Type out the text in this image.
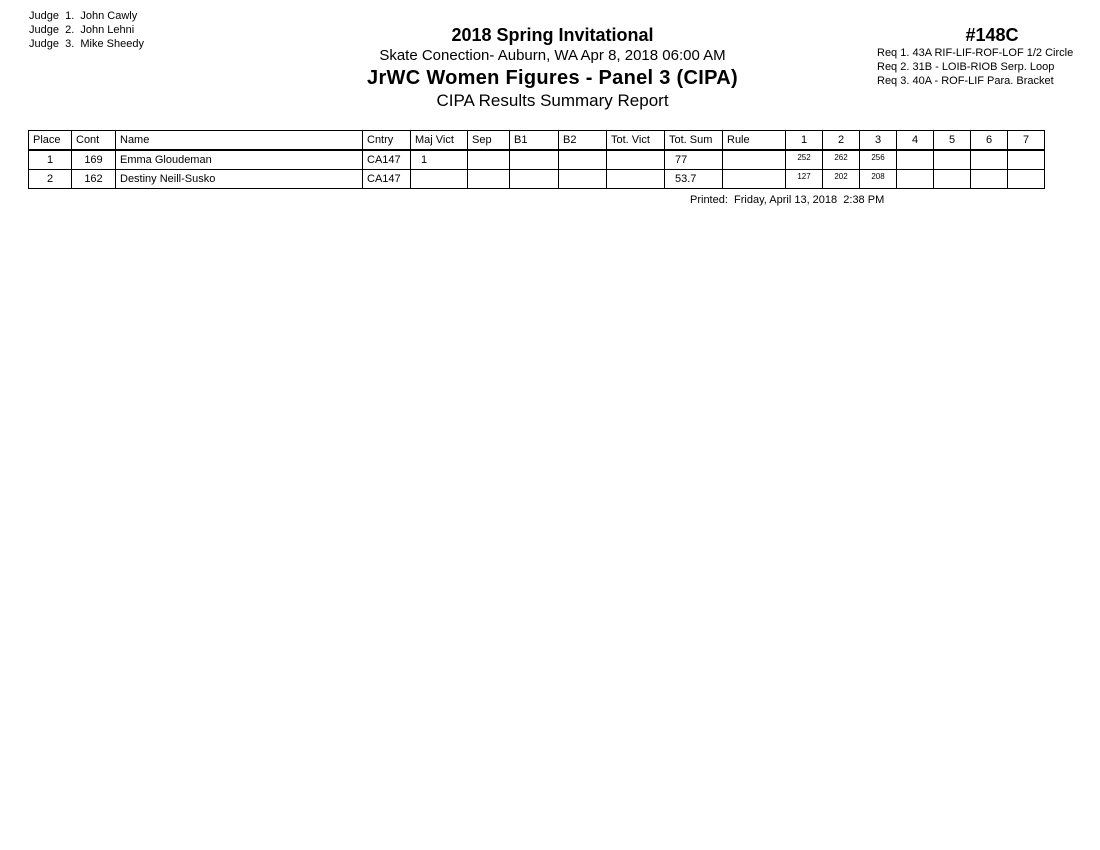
Judge  1.  John Cawly
Judge  2.  John Lehni
Judge  3.  Mike Sheedy	2018 Spring Invitational
Skate Conection- Auburn, WA Apr 8, 2018 06:00 AM
JrWC Women Figures - Panel 3 (CIPA)
CIPA Results Summary Report
#148C
Req 1. 43A RIF-LIF-ROF-LOF 1/2 Circle
Req 2. 31B - LOIB-RIOB Serp. Loop
Req 3. 40A - ROF-LIF Para. Bracket
Place	Cont	Name	Cntry	Maj Vict	Sep	B1	B2	Tot. Vict	Tot. Sum	Rule	1	2	3	4	5	6	7
1	169	Emma Gloudeman	CA147	1					77		252	262	256				
2	162	Destiny Neill-Susko	CA147						53.7		127	202	208				
Printed:  Friday, April 13, 2018  2:38 PM
